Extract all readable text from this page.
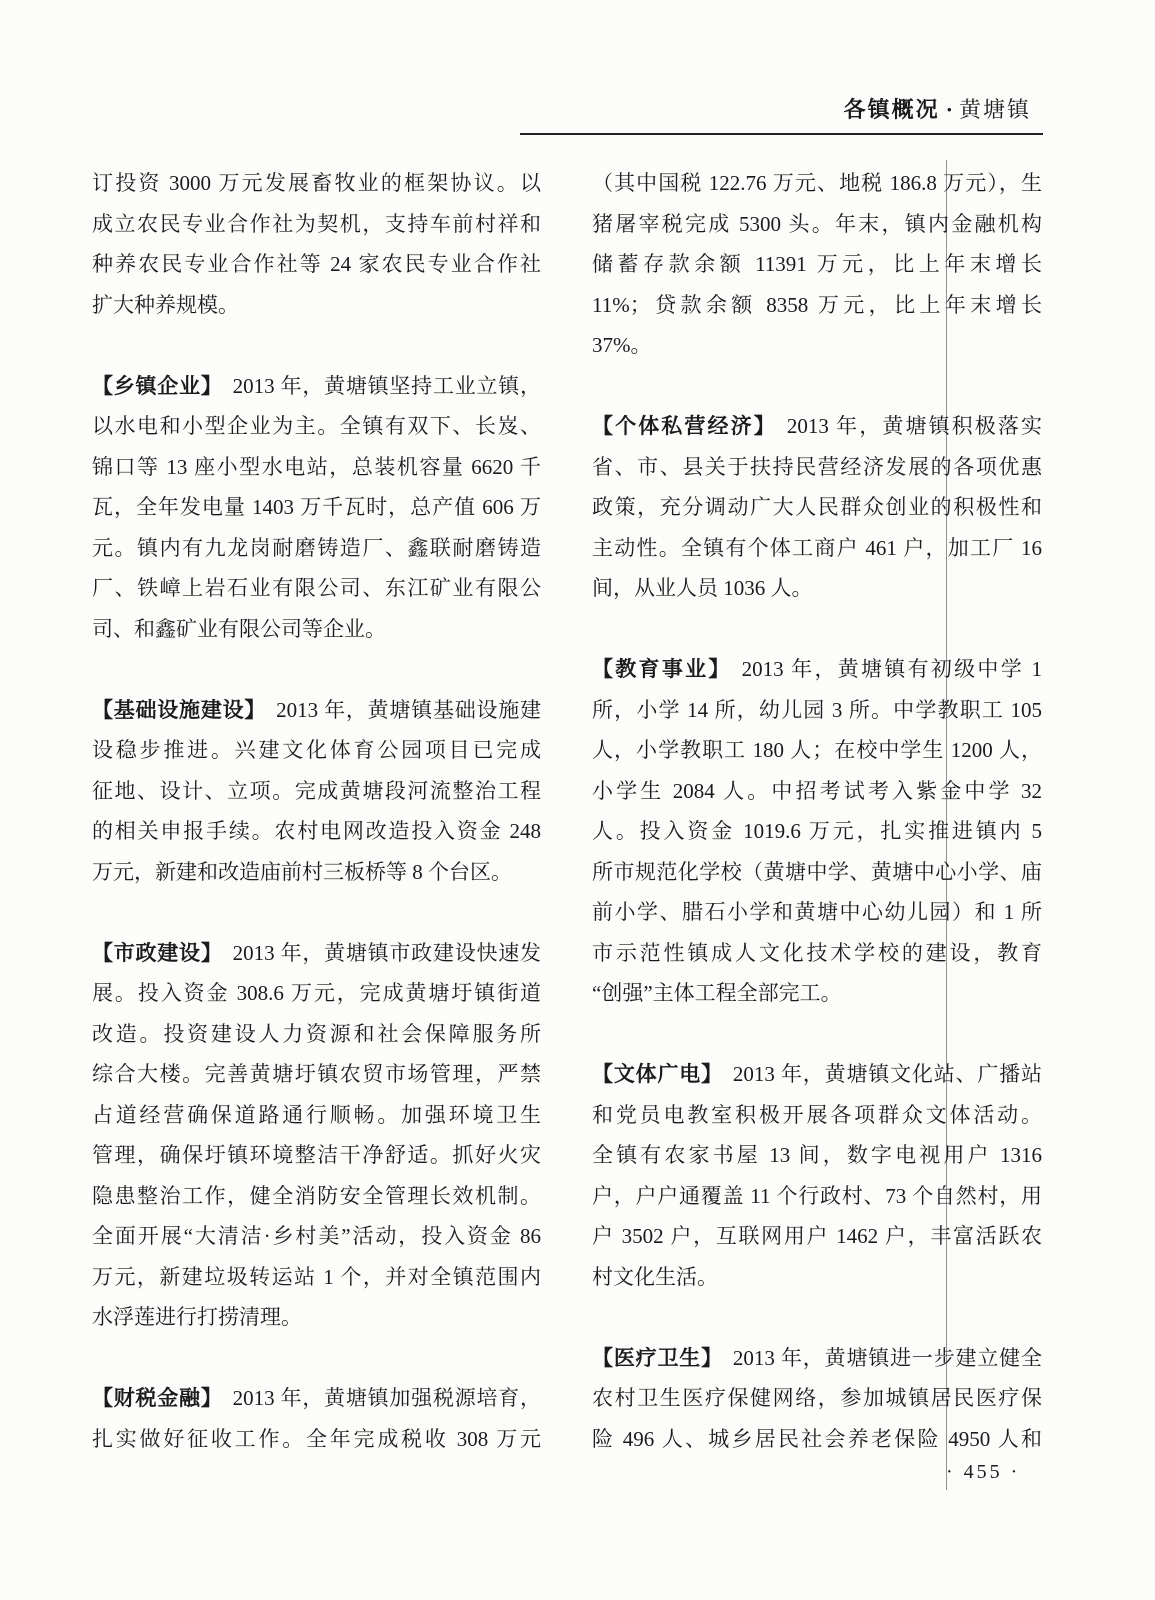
各镇概况 · 黄塘镇
订投资 3000 万元发展畜牧业的框架协议。以
成立农民专业合作社为契机，支持车前村祥和
种养农民专业合作社等 24 家农民专业合作社
扩大种养规模。
【乡镇企业】 2013 年，黄塘镇坚持工业立镇，
以水电和小型企业为主。全镇有双下、长岌、
锦口等 13 座小型水电站，总装机容量 6620 千
瓦，全年发电量 1403 万千瓦时，总产值 606 万
元。镇内有九龙岗耐磨铸造厂、鑫联耐磨铸造
厂、铁嶂上岩石业有限公司、东江矿业有限公
司、和鑫矿业有限公司等企业。
【基础设施建设】 2013 年，黄塘镇基础设施建
设稳步推进。兴建文化体育公园项目已完成
征地、设计、立项。完成黄塘段河流整治工程
的相关申报手续。农村电网改造投入资金 248
万元，新建和改造庙前村三板桥等 8 个台区。
【市政建设】 2013 年，黄塘镇市政建设快速发
展。投入资金 308.6 万元，完成黄塘圩镇街道
改造。投资建设人力资源和社会保障服务所
综合大楼。完善黄塘圩镇农贸市场管理，严禁
占道经营确保道路通行顺畅。加强环境卫生
管理，确保圩镇环境整洁干净舒适。抓好火灾
隐患整治工作，健全消防安全管理长效机制。
全面开展“大清洁·乡村美”活动，投入资金 86
万元，新建垃圾转运站 1 个，并对全镇范围内
水浮莲进行打捞清理。
【财税金融】 2013 年，黄塘镇加强税源培育，
扎实做好征收工作。全年完成税收 308 万元
（其中国税 122.76 万元、地税 186.8 万元），生
猪屠宰税完成 5300 头。年末，镇内金融机构
储蓄存款余额 11391 万元，比上年末增长
11%；贷款余额 8358 万元，比上年末增长
37%。
【个体私营经济】 2013 年，黄塘镇积极落实
省、市、县关于扶持民营经济发展的各项优惠
政策，充分调动广大人民群众创业的积极性和
主动性。全镇有个体工商户 461 户，加工厂 16
间，从业人员 1036 人。
【教育事业】 2013 年，黄塘镇有初级中学 1
所，小学 14 所，幼儿园 3 所。中学教职工 105
人，小学教职工 180 人；在校中学生 1200 人，
小学生 2084 人。中招考试考入紫金中学 32
人。投入资金 1019.6 万元，扎实推进镇内 5
所市规范化学校（黄塘中学、黄塘中心小学、庙
前小学、腊石小学和黄塘中心幼儿园）和 1 所
市示范性镇成人文化技术学校的建设，教育
“创强”主体工程全部完工。
【文体广电】 2013 年，黄塘镇文化站、广播站
和党员电教室积极开展各项群众文体活动。
全镇有农家书屋 13 间，数字电视用户 1316
户，户户通覆盖 11 个行政村、73 个自然村，用
户 3502 户，互联网用户 1462 户，丰富活跃农
村文化生活。
【医疗卫生】 2013 年，黄塘镇进一步建立健全
农村卫生医疗保健网络，参加城镇居民医疗保
险 496 人、城乡居民社会养老保险 4950 人和
· 455 ·
